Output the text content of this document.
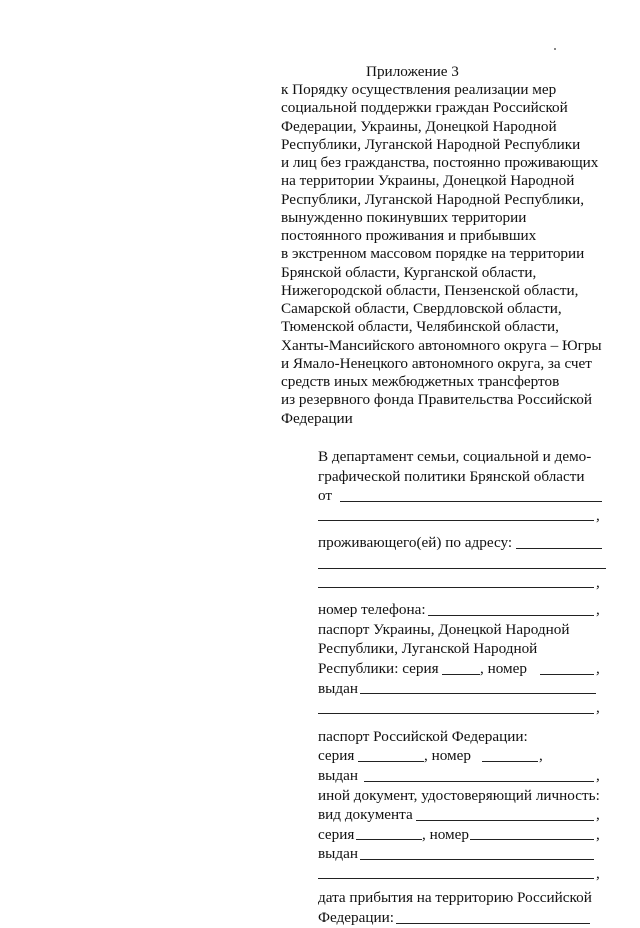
Приложение 3
к Порядку осуществления реализации мер
социальной поддержки граждан Российской
Федерации, Украины, Донецкой Народной
Республики, Луганской Народной Республики
и лиц без гражданства, постоянно проживающих
на территории Украины, Донецкой Народной
Республики, Луганской Народной Республики,
вынужденно покинувших территории
постоянного проживания и прибывших
в экстренном массовом порядке на территории
Брянской области, Курганской области,
Нижегородской области, Пензенской области,
Самарской области, Свердловской области,
Тюменской области, Челябинской области,
Ханты-Мансийского автономного округа – Югры
и Ямало-Ненецкого автономного округа, за счет
средств иных межбюджетных трансфертов
из резервного фонда Правительства Российской
Федерации
В департамент семьи, социальной и демо-
графической политики Брянской области
от
,
проживающего(ей) по адресу:
,
номер телефона:	,
паспорт Украины, Донецкой Народной
Республики, Луганской Народной
Республики: серия	, номер	,
выдан
,
паспорт Российской Федерации:
серия	, номер	,
выдан	,
иной документ, удостоверяющий личность:
вид документа	,
серия	, номер	,
выдан
,
дата прибытия на территорию Российской
Федерации:
